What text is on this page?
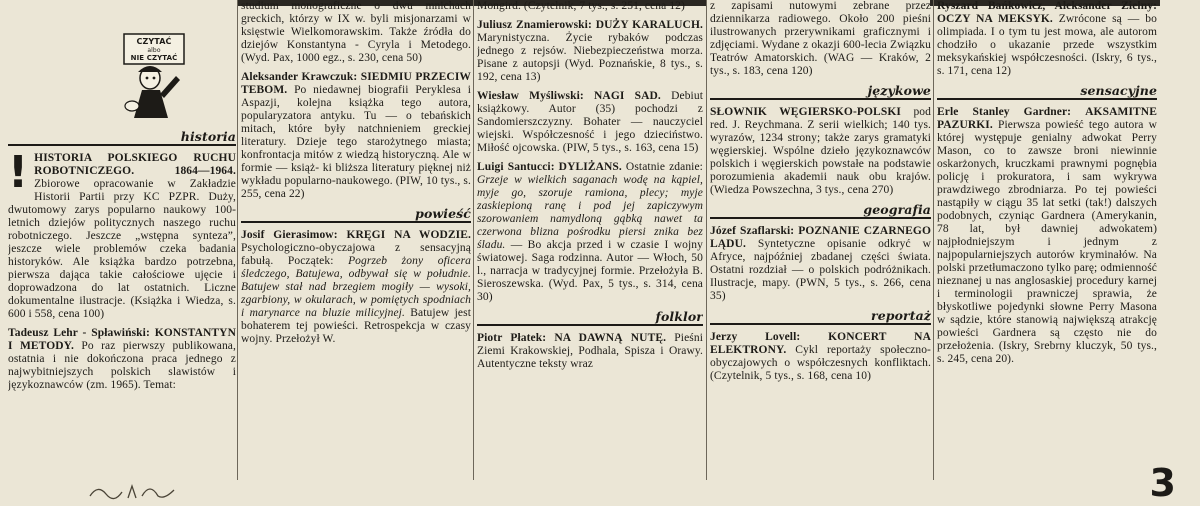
CZYTAĆ
albo
NIE CZYTAĆ
historia
! HISTORIA POLSKIEGO RUCHU ROBOTNICZEGO. 1864—1964. Zbiorowe opracowanie w Zakładzie Historii Partii przy KC PZPR. Duży, dwutomowy zarys popularno naukowy 100-letnich dziejów politycznych naszego ruchu robotniczego. Jeszcze „wstępna synteza”, jeszcze wiele problemów czeka badania historyków. Ale książka bardzo potrzebna, pierwsza dająca takie całościowe ujęcie i doprowadzona do lat ostatnich. Liczne dokumentalne ilustracje. (Książka i Wiedza, s. 600 i 558, cena 100)
Tadeusz Lehr - Spławiński: KONSTANTYN I METODY. Po raz pierwszy publikowana, ostatnia i nie dokończona praca jednego z najwybitniejszych polskich slawistów i językoznawców (zm. 1965). Temat:
studium monograficzne o dwu mnichach greckich, którzy w IX w. byli misjonarzami w księstwie Wielkomorawskim. Także źródła do dziejów Konstantyna - Cyryla i Metodego. (Wyd. Pax, 1000 egz., s. 230, cena 50)
Aleksander Krawczuk: SIEDMIU PRZECIW TEBOM. Po niedawnej biografii Peryklesa i Aspazji, kolejna książka tego autora, popularyzatora antyku. Tu — o tebańskich mitach, które były natchnieniem greckiej literatury. Dzieje tego starożytnego miasta; konfrontacja mitów z wiedzą historyczną. Ale w formie — książ- ki bliższa literatury pięknej niż wykładu popularno-naukowego. (PIW, 10 tys., s. 255, cena 22)
powieść
Josif Gierasimow: KRĘGI NA WODZIE. Psychologiczno-obyczajowa z sensacyjną fabułą. Początek: Pogrzeb żony oficera śledczego, Batujewa, odbywał się w południe. Batujew stał nad brzegiem mogiły — wysoki, zgarbiony, w okularach, w pomiętych spodniach i marynarce na bluzie milicyjnej. Batujew jest bohaterem tej powieści. Retrospekcja w czasy wojny. Przełożył W.
Mongird. (Czytelnik, 7 tys., s. 251, cena 12)
Juliusz Znamierowski: DUŻY KARALUCH. Marynistyczna. Życie rybaków podczas jednego z rejsów. Niebezpieczeństwa morza. Pisane z autopsji (Wyd. Poznańskie, 8 tys., s. 192, cena 13)
Wiesław Myśliwski: NAGI SAD. Debiut książkowy. Autor (35) pochodzi z Sandomierszczyzny. Bohater — nauczyciel wiejski. Współczesność i jego dzieciństwo. Miłość ojcowska. (PIW, 5 tys., s. 163, cena 15)
Luigi Santucci: DYLIŻANS. Ostatnie zdanie: Grzeje w wielkich saganach wodę na kąpiel, myje go, szoruje ramiona, plecy; myje zaskiepioną ranę i pod jej zapiczywym szorowaniem namydloną gąbką nawet ta czerwona blizna pośrodku piersi znika bez śladu. — Bo akcja przed i w czasie I wojny światowej. Saga rodzinna. Autor — Włoch, 50 l., narracja w tradycyjnej formie. Przełożyła B. Sieroszewska. (Wyd. Pax, 5 tys., s. 314, cena 30)
folklor
Piotr Płatek: NA DAWNĄ NUTĘ. Pieśni Ziemi Krakowskiej, Podhala, Spisza i Orawy. Autentyczne teksty wraz
z zapisami nutowymi zebrane przez dziennikarza radiowego. Około 200 pieśni ilustrowanych przerywnikami graficznymi i zdjęciami. Wydane z okazji 600-lecia Związku Teatrów Amatorskich. (WAG — Kraków, 2 tys., s. 183, cena 120)
językowe
SŁOWNIK WĘGIERSKO-POLSKI pod red. J. Reychmana. Z serii wielkich; 140 tys. wyrazów, 1234 strony; także zarys gramatyki węgierskiej. Wspólne dzieło językoznawców polskich i węgierskich powstałe na podstawie porozumienia akademii nauk obu krajów. (Wiedza Powszechna, 3 tys., cena 270)
geografia
Józef Szaflarski: POZNANIE CZARNEGO LĄDU. Syntetyczne opisanie odkryć w Afryce, najpóźniej zbadanej części świata. Ostatni rozdział — o polskich podróżnikach. Ilustracje, mapy. (PWN, 5 tys., s. 266, cena 35)
reportaż
Jerzy Lovell: KONCERT NA ELEKTRONY. Cykl reportaży społeczno-obyczajowych o współczesnych konfliktach. (Czytelnik, 5 tys., s. 168, cena 10)
Ryszard Bańkowicz, Aleksander Zielny: OCZY NA MEKSYK. Zwrócone są — bo olimpiada. I o tym tu jest mowa, ale autorom chodziło o ukazanie przede wszystkim meksykańskiej współczesności. (Iskry, 6 tys., s. 171, cena 12)
sensacyjne
Erle Stanley Gardner: AKSAMITNE PAZURKI. Pierwsza powieść tego autora w której występuje genialny adwokat Perry Mason, co to zawsze broni niewinnie oskarżonych, kruczkami prawnymi pognębia policję i prokuratora, i sam wykrywa prawdziwego zbrodniarza. Po tej powieści nastąpiły w ciągu 35 lat setki (tak!) dalszych podobnych, czyniąc Gardnera (Amerykanin, 78 lat, był dawniej adwokatem) najpłodniejszym i jednym z najpopularniejszych autorów kryminałów. Na polski przetłumaczono tylko parę; odmienność nieznanej u nas anglosaskiej procedury karnej i terminologii prawniczej sprawia, że błyskotliwe pojedynki słowne Perry Masona w sądzie, które stanowią największą atrakcję powieści Gardnera są często nie do przełożenia. (Iskry, Srebrny kluczyk, 50 tys., s. 245, cena 20).
3
